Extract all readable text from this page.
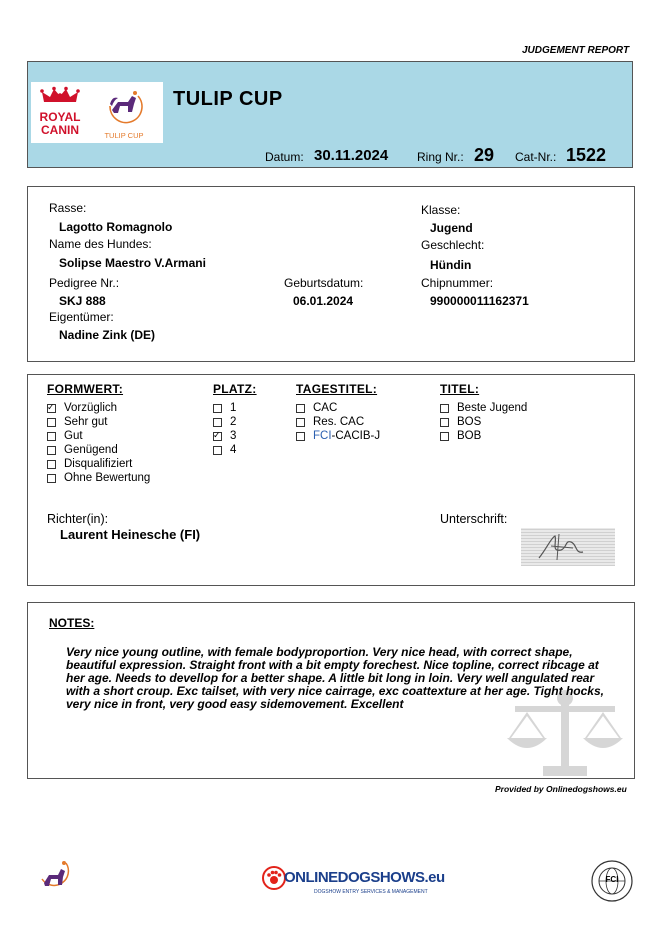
JUDGEMENT REPORT
ROYAL
CANIN	TULIP CUP
TULIP CUP
Datum: 30.11.2024 Ring Nr.: 29 Cat-Nr.: 1522
Rasse:
Lagotto Romagnolo
Name des Hundes:
Solipse Maestro V.Armani
Pedigree Nr.:
SKJ 888
Eigentümer:
Nadine Zink (DE)
Geburtsdatum:
06.01.2024
Klasse:
Jugend
Geschlecht:
Hündin
Chipnummer:
990000011162371
FORMWERT:
✓
Vorzüglich
Sehr gut
Gut
Genügend
Disqualifiziert
Ohne Bewertung
PLATZ:
1
2
✓
3
4
TAGESTITEL:
CAC
Res. CAC
FCI -CACIB-J
TITEL:
Beste Jugend
BOS
BOB
Richter(in):
Laurent Heinesche (FI)
Unterschrift:
NOTES:
Very nice young outline, with female bodyproportion. Very nice head, with correct shape, beautiful expression. Straight front with a bit empty forechest. Nice topline, correct ribcage at her age. Needs to devellop for a better shape. A little bit long in loin. Very well angulated rear with a short croup. Exc tailset, with very nice cairrage, exc coattexture at her age. Tight hocks, very nice in front, very good easy sidemovement. Excellent
Provided by Onlinedogshows.eu
ONLINEDOGSHOWS.eu
DOGSHOW ENTRY SERVICES & MANAGEMENT
FCI
